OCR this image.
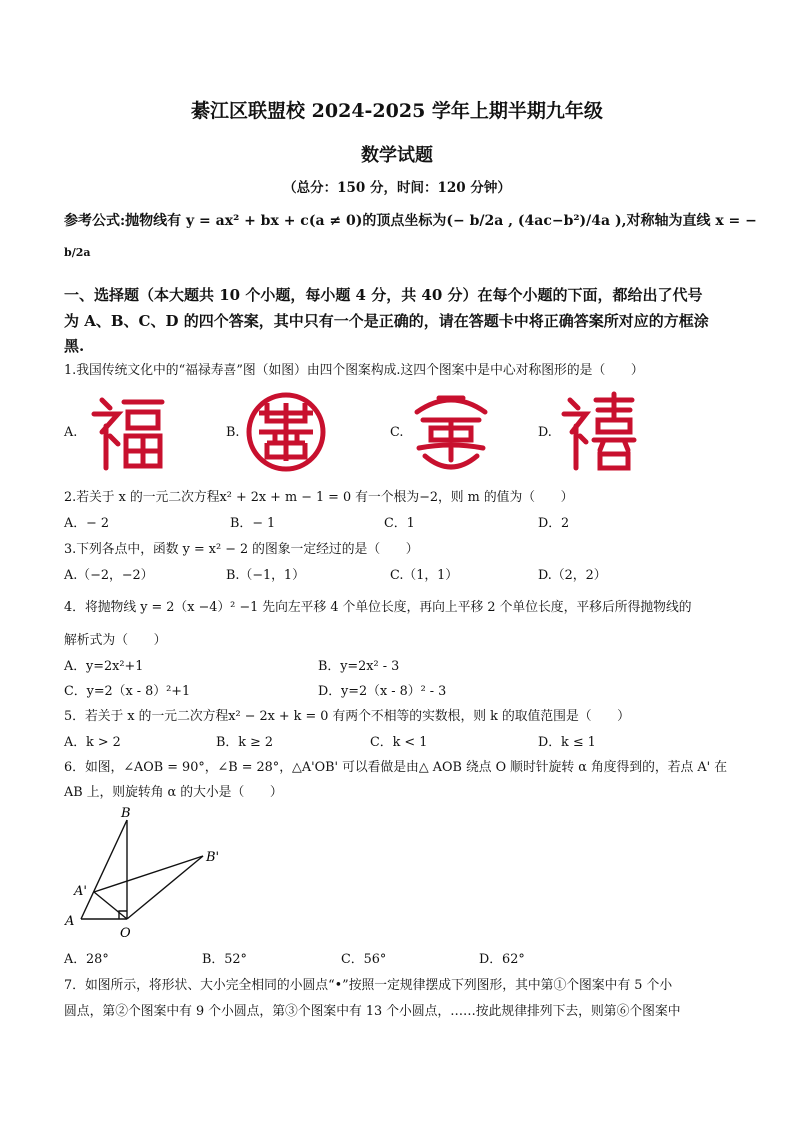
綦江区联盟校 2024-2025 学年上期半期九年级
数学试题
（总分：150 分，时间：120 分钟）
参考公式:抛物线有 y = ax² + bx + c(a ≠ 0)的顶点坐标为(− b/2a , (4ac−b²)/4a ),对称轴为直线 x = −
b/2a
一、选择题（本大题共 10 个小题，每小题 4 分，共 40 分）在每个小题的下面，都给出了代号
为 A、B、C、D 的四个答案，其中只有一个是正确的，请在答题卡中将正确答案所对应的方框涂
黑.
1.我国传统文化中的“福禄寿喜”图（如图）由四个图案构成.这四个图案中是中心对称图形的是（　　）
A.	B.	C.	D.
2.若关于 x 的一元二次方程x² + 2x + m − 1 = 0 有一个根为−2，则 m 的值为（　　）
A．− 2	B．− 1	C．1	D．2
3.下列各点中，函数 y = x² − 2 的图象一定经过的是（　　）
A.（−2，−2）	B.（−1，1）	C.（1，1）	D.（2，2）
4．将抛物线 y = 2（x −4）² −1 先向左平移 4 个单位长度，再向上平移 2 个单位长度，平移后所得抛物线的
解析式为（　　）
A．y=2x²+1	B．y=2x² - 3
C．y=2（x - 8）²+1	D．y=2（x - 8）² - 3
5．若关于 x 的一元二次方程x² − 2x + k = 0 有两个不相等的实数根，则 k 的取值范围是（　　）
A．k > 2	B．k ≥ 2	C．k < 1	D．k ≤ 1
6．如图，∠AOB = 90°，∠B = 28°，△A'OB' 可以看做是由△ AOB 绕点 O 顺时针旋转 α 角度得到的，若点 A' 在
AB 上，则旋转角 α 的大小是（　　）
B
B'
A'
A
O
A．28°	B．52°	C．56°	D．62°
7．如图所示，将形状、大小完全相同的小圆点“•”按照一定规律摆成下列图形，其中第①个图案中有 5 个小
圆点，第②个图案中有 9 个小圆点，第③个图案中有 13 个小圆点，……按此规律排列下去，则第⑥个图案中
